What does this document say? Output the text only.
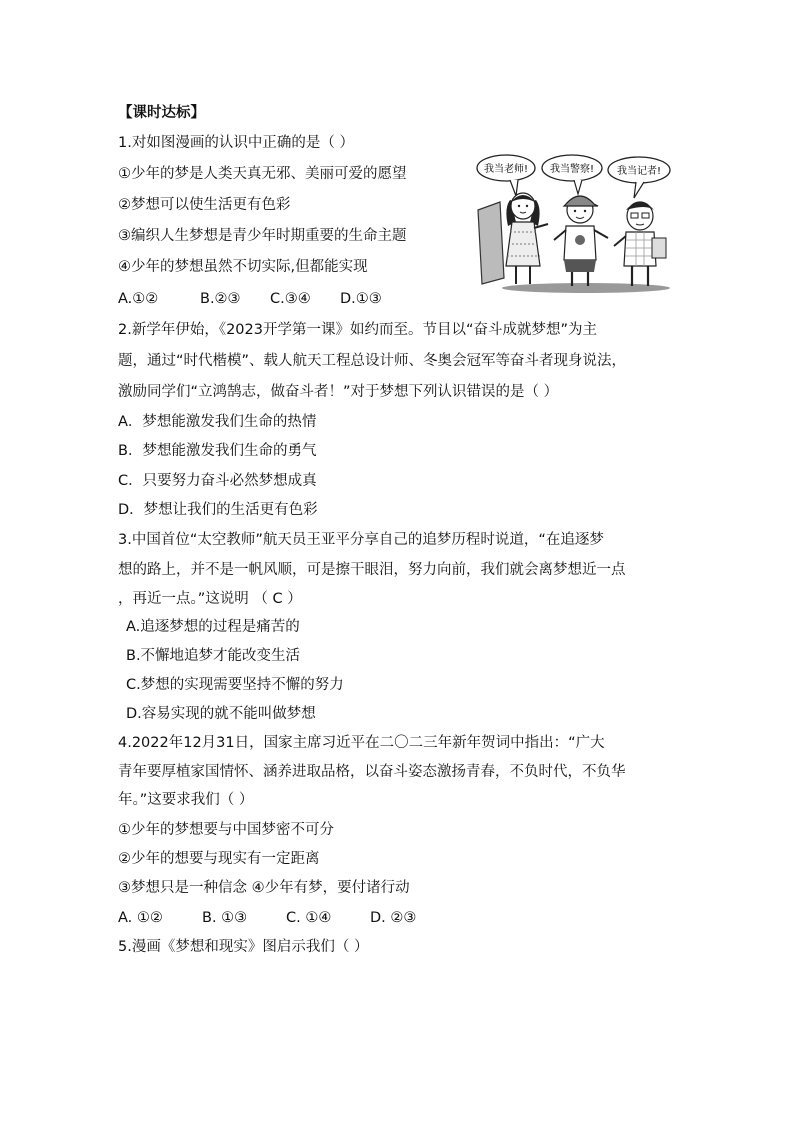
【课时达标】
1.对如图漫画的认识中正确的是（ ）
①少年的梦是人类天真无邪、美丽可爱的愿望
②梦想可以使生活更有色彩
③编织人生梦想是青少年时期重要的生命主题
④少年的梦想虽然不切实际,但都能实现
A.①②	B.②③ C.③④ D.①③
我当老师! 我当警察! 我当记者!
2.新学年伊始，《2023开学第一课》如约而至。节目以“奋斗成就梦想”为主
题，通过“时代楷模”、载人航天工程总设计师、冬奥会冠军等奋斗者现身说法，
激励同学们“立鸿鹄志，做奋斗者！”对于梦想下列认识错误的是（ ）
A．梦想能激发我们生命的热情
B．梦想能激发我们生命的勇气
C．只要努力奋斗必然梦想成真
D．梦想让我们的生活更有色彩
3.中国首位“太空教师”航天员王亚平分享自己的追梦历程时说道，“在追逐梦
想的路上，并不是一帆风顺，可是擦干眼泪，努力向前，我们就会离梦想近一点
，再近一点。”这说明 （ C ）
A.追逐梦想的过程是痛苦的
B.不懈地追梦才能改变生活
C.梦想的实现需要坚持不懈的努力
D.容易实现的就不能叫做梦想
4.2022年12月31日，国家主席习近平在二〇二三年新年贺词中指出：“广大
青年要厚植家国情怀、涵养进取品格，以奋斗姿态激扬青春，不负时代，不负华
年。”这要求我们（ ）
①少年的梦想要与中国梦密不可分
②少年的想要与现实有一定距离
③梦想只是一种信念 ④少年有梦，要付诸行动
A. ①②	B. ①③	C. ①④	D. ②③
5.漫画《梦想和现实》图启示我们（ ）
